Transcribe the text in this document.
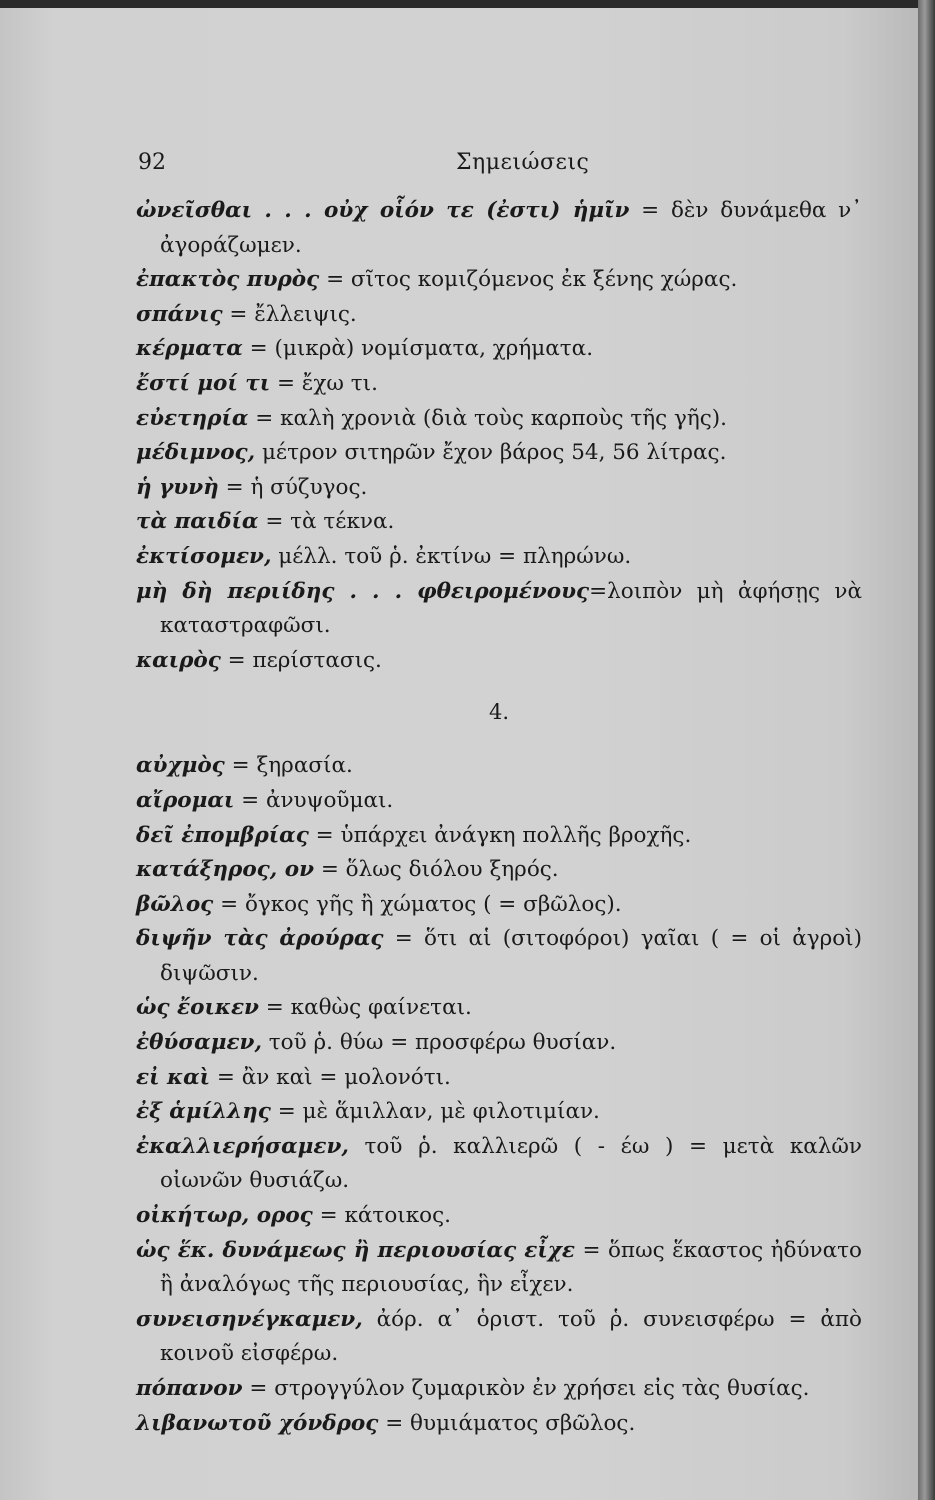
92	Σημειώσεις

ὠνεῖσθαι . . . οὐχ οἷόν τε (ἐστι) ἡμῖν = δὲν δυνάμεθα ν᾽ ἀγοράζωμεν.

ἐπακτὸς πυρὸς = σῖτος κομιζόμενος ἐκ ξένης χώρας.

σπάνις = ἔλλειψις.

κέρματα = (μικρὰ) νομίσματα, χρήματα.

ἔστί μοί τι = ἔχω τι.

εὐετηρία = καλὴ χρονιὰ (διὰ τοὺς καρποὺς τῆς γῆς).

μέδιμνος, μέτρον σιτηρῶν ἔχον βάρος 54, 56 λίτρας.

ἡ γυνὴ = ἡ σύζυγος.

τὰ παιδία = τὰ τέκνα.

ἐκτίσομεν, μέλλ. τοῦ ῥ. ἐκτίνω = πληρώνω.

μὴ δὴ περιίδης . . . φθειρομένους=λοιπὸν μὴ ἀφήσῃς νὰ καταστραφῶσι.

καιρὸς = περίστασις.

4.

αὐχμὸς = ξηρασία.

αἴρομαι = ἀνυψοῦμαι.

δεῖ ἐπομβρίας = ὑπάρχει ἀνάγκη πολλῆς βροχῆς.

κατάξηρος, ον = ὅλως διόλου ξηρός.

βῶλος = ὄγκος γῆς ἢ χώματος ( = σβῶλος).

διψῆν τὰς ἀρούρας = ὅτι αἱ (σιτοφόροι) γαῖαι ( = οἱ ἀγροὶ) διψῶσιν.

ὡς ἔοικεν = καθὼς φαίνεται.

ἐθύσαμεν, τοῦ ῥ. θύω = προσφέρω θυσίαν.

εἰ καὶ = ἂν καὶ = μολονότι.

ἐξ ἁμίλλης = μὲ ἅμιλλαν, μὲ φιλοτιμίαν.

ἐκαλλιερήσαμεν, τοῦ ῥ. καλλιερῶ ( - έω ) = μετὰ καλῶν οἰωνῶν θυσιάζω.

οἰκήτωρ, ορος = κάτοικος.

ὡς ἕκ. δυνάμεως ἢ περιουσίας εἶχε = ὅπως ἕκαστος ἠδύνατο ἢ ἀναλόγως τῆς περιουσίας, ἣν εἶχεν.

συνεισηνέγκαμεν, ἀόρ. α᾽ ὁριστ. τοῦ ῥ. συνεισφέρω = ἀπὸ κοινοῦ εἰσφέρω.

πόπανον = στρογγύλον ζυμαρικὸν ἐν χρήσει εἰς τὰς θυσίας.

λιβανωτοῦ χόνδρος = θυμιάματος σβῶλος.
